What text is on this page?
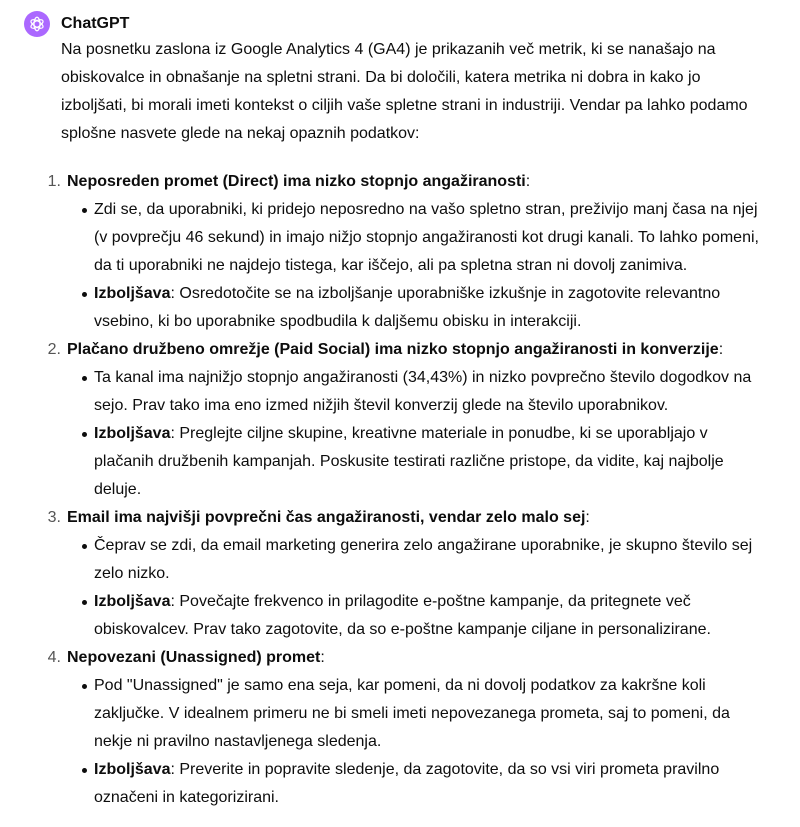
ChatGPT

Na posnetku zaslona iz Google Analytics 4 (GA4) je prikazanih več metrik, ki se nanašajo na obiskovalce in obnašanje na spletni strani. Da bi določili, katera metrika ni dobra in kako jo izboljšati, bi morali imeti kontekst o ciljih vaše spletne strani in industriji. Vendar pa lahko podamo splošne nasvete glede na nekaj opaznih podatkov:

1. Neposreden promet (Direct) ima nizko stopnjo angažiranosti:
Zdi se, da uporabniki, ki pridejo neposredno na vašo spletno stran, preživijo manj časa na njej (v povprečju 46 sekund) in imajo nižjo stopnjo angažiranosti kot drugi kanali. To lahko pomeni, da ti uporabniki ne najdejo tistega, kar iščejo, ali pa spletna stran ni dovolj zanimiva.
Izboljšava: Osredotočite se na izboljšanje uporabniške izkušnje in zagotovite relevantno vsebino, ki bo uporabnike spodbudila k daljšemu obisku in interakciji.
2. Plačano družbeno omrežje (Paid Social) ima nizko stopnjo angažiranosti in konverzije:
Ta kanal ima najnižjo stopnjo angažiranosti (34,43%) in nizko povprečno število dogodkov na sejo. Prav tako ima eno izmed nižjih števil konverzij glede na število uporabnikov.
Izboljšava: Preglejte ciljne skupine, kreativne materiale in ponudbe, ki se uporabljajo v plačanih družbenih kampanjah. Poskusite testirati različne pristope, da vidite, kaj najbolje deluje.
3. Email ima najvišji povprečni čas angažiranosti, vendar zelo malo sej:
Čeprav se zdi, da email marketing generira zelo angažirane uporabnike, je skupno število sej zelo nizko.
Izboljšava: Povečajte frekvenco in prilagodite e-poštne kampanje, da pritegnete več obiskovalcev. Prav tako zagotovite, da so e-poštne kampanje ciljane in personalizirane.
4. Nepovezani (Unassigned) promet:
Pod "Unassigned" je samo ena seja, kar pomeni, da ni dovolj podatkov za kakršne koli zaključke. V idealnem primeru ne bi smeli imeti nepovezanega prometa, saj to pomeni, da nekje ni pravilno nastavljenega sledenja.
Izboljšava: Preverite in popravite sledenje, da zagotovite, da so vsi viri prometa pravilno označeni in kategorizirani.
